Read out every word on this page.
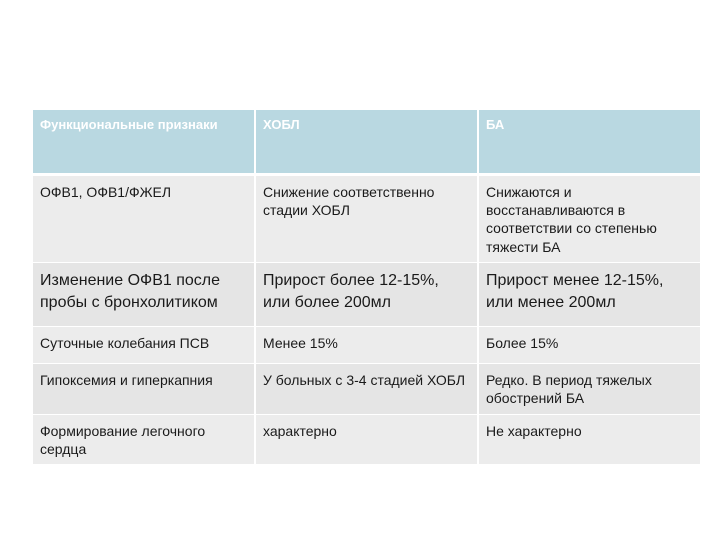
Функциональные признаки	ХОБЛ	БА
ОФВ1, ОФВ1/ФЖЕЛ	Снижение соответственно стадии ХОБЛ	Снижаются и восстанавливаются в соответствии со степенью тяжести БА
Изменение ОФВ1 после пробы с бронхолитиком	Прирост более 12-15%, или более 200мл	Прирост менее 12-15%, или менее 200мл
Суточные колебания ПСВ	Менее 15%	Более 15%
Гипоксемия и гиперкапния	У больных с 3-4 стадией ХОБЛ	Редко. В период тяжелых обострений БА
Формирование легочного сердца	характерно	Не характерно
